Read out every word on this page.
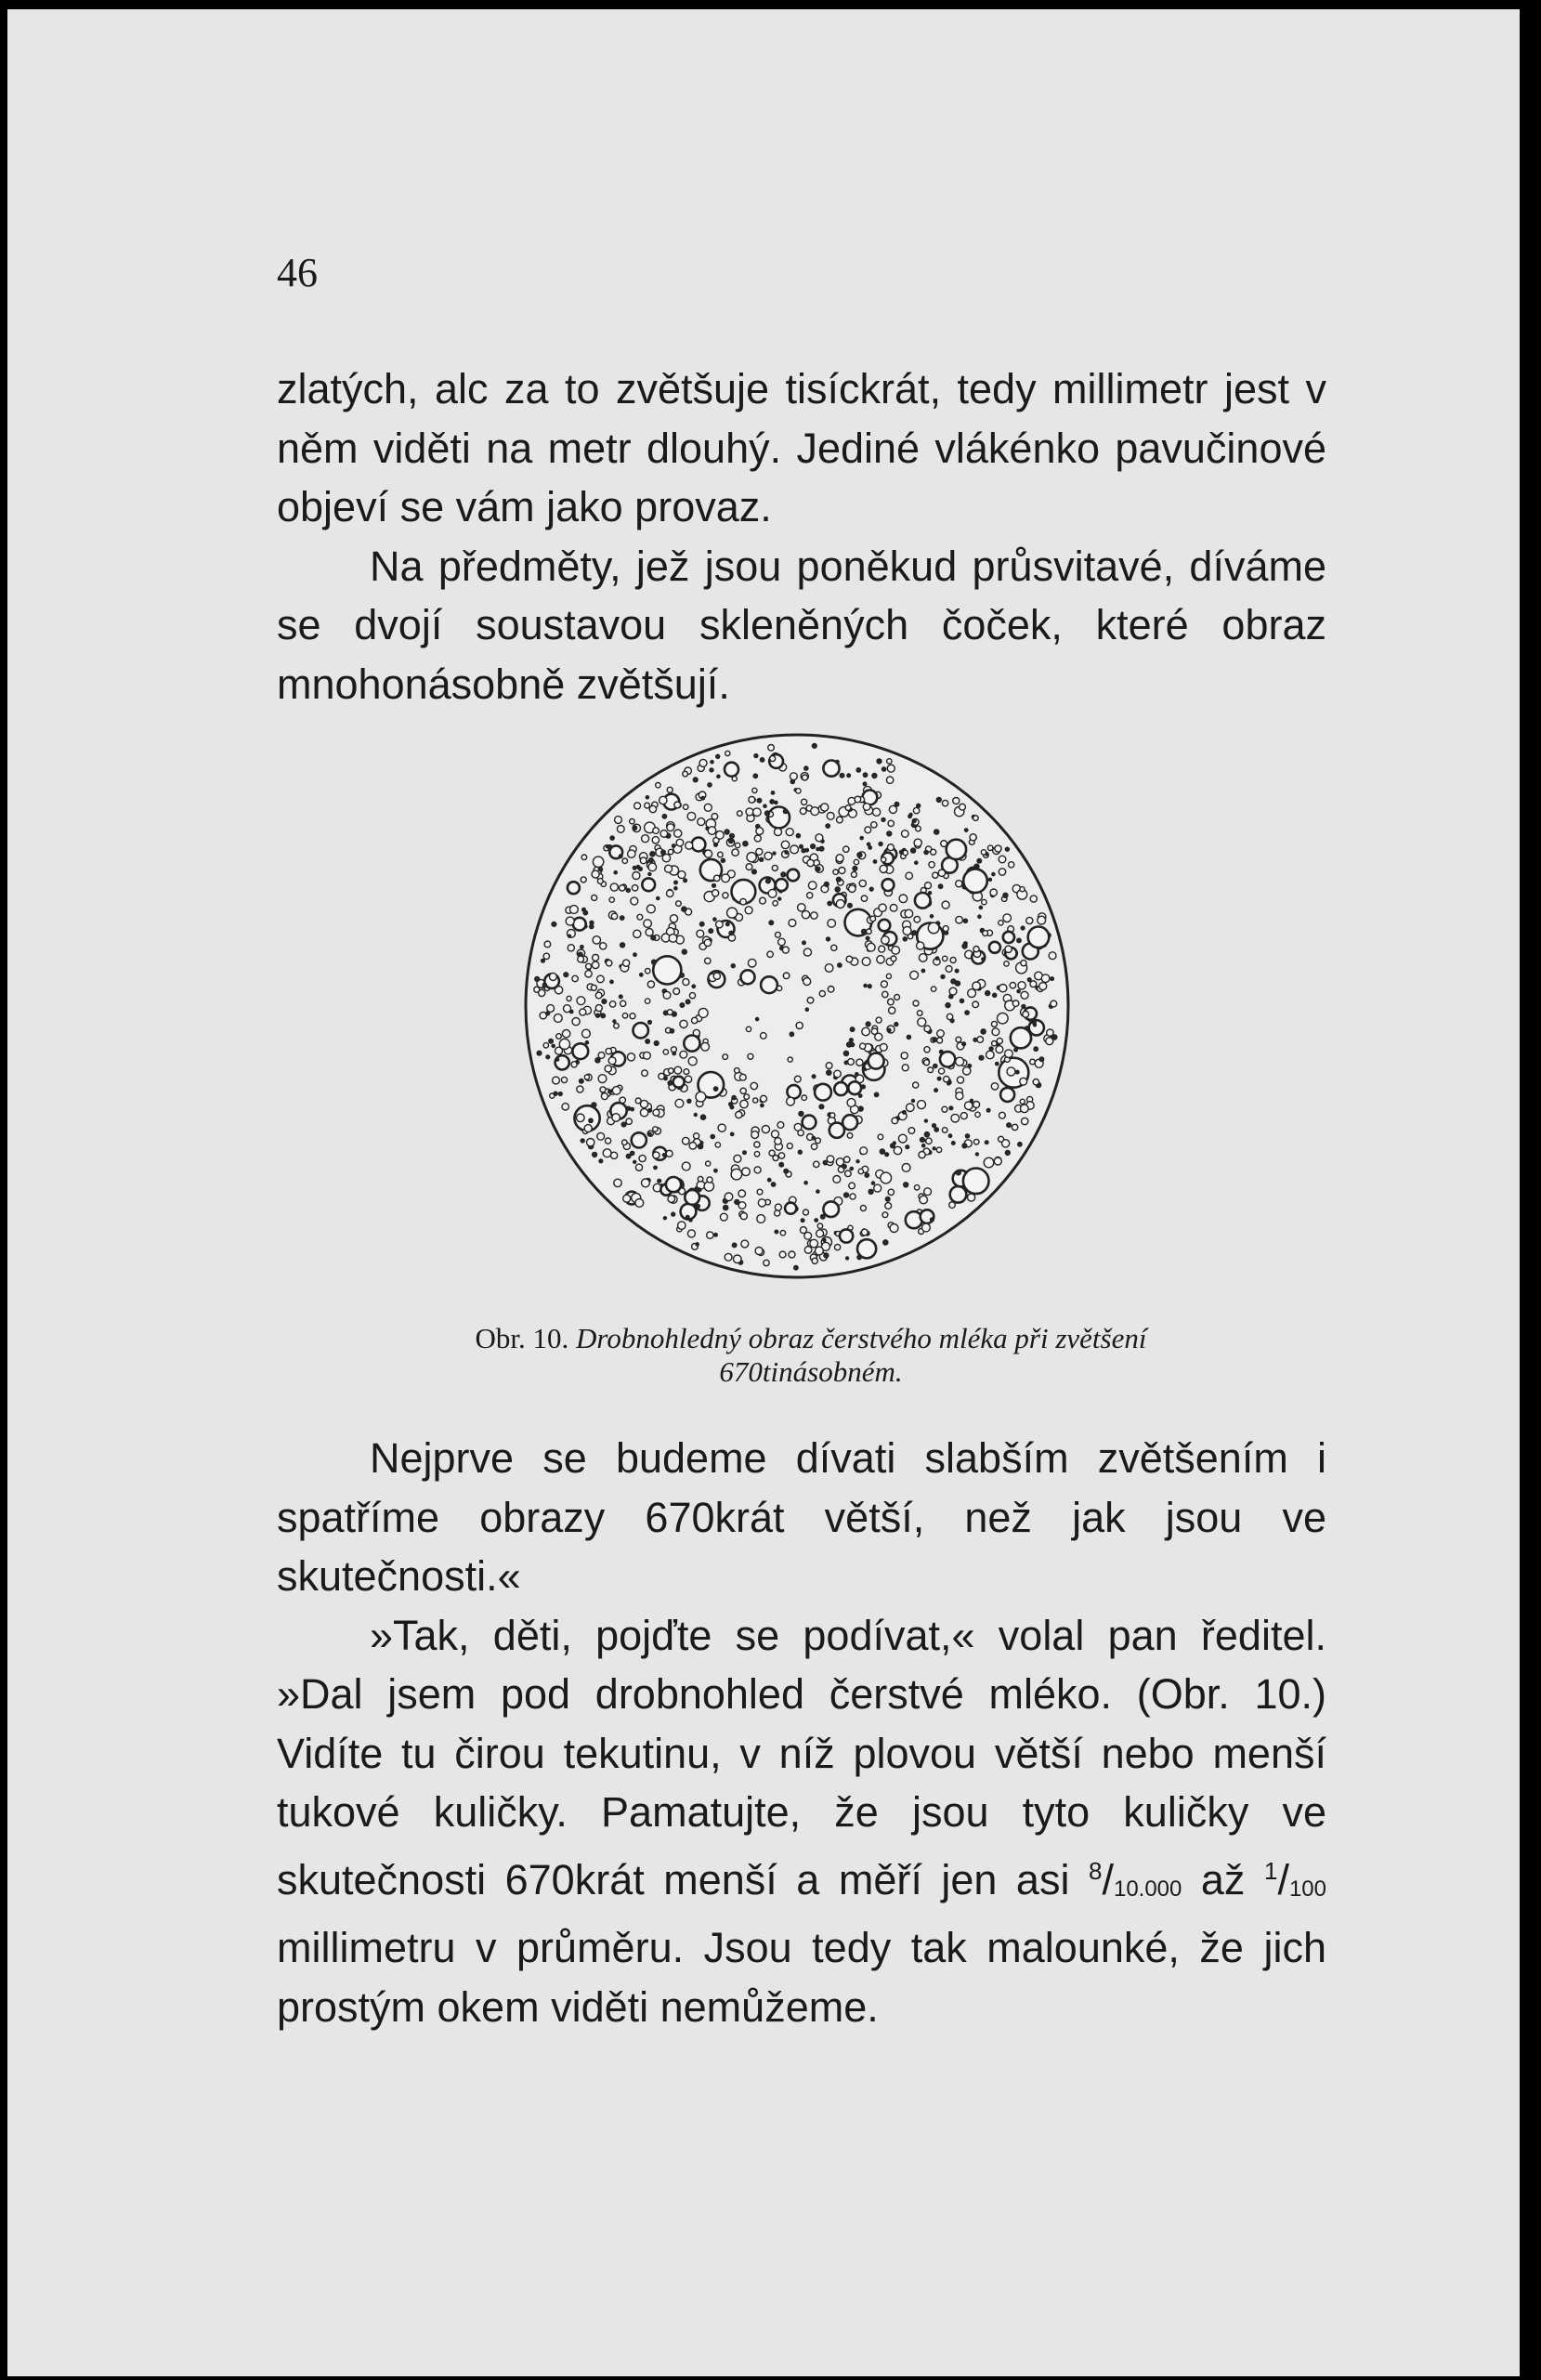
46

zlatých, alc za to zvětšuje tisíckrát, tedy millimetr jest v něm viděti na metr dlouhý. Jediné vlákénko pavučinové objeví se vám jako provaz.

Na předměty, jež jsou poněkud průsvitavé, díváme se dvojí soustavou skleněných čoček, které obraz mnohonásobně zvětšují.

Obr. 10. Drobnohledný obraz čerstvého mléka při zvětšení
670tinásobném.

Nejprve se budeme dívati slabším zvětšením i spatříme obrazy 670krát větší, než jak jsou ve skutečnosti.«

»Tak, děti, pojďte se podívat,« volal pan ředitel. »Dal jsem pod drobnohled čerstvé mléko. (Obr. 10.) Vidíte tu čirou tekutinu, v níž plovou větší nebo menší tukové kuličky. Pamatujte, že jsou tyto kuličky ve skutečnosti 670krát menší a měří jen asi $^8/_{10.000}$ až $^1/_{100}$ millimetru v průměru. Jsou tedy tak malounké, že jich prostým okem viděti nemůžeme.
